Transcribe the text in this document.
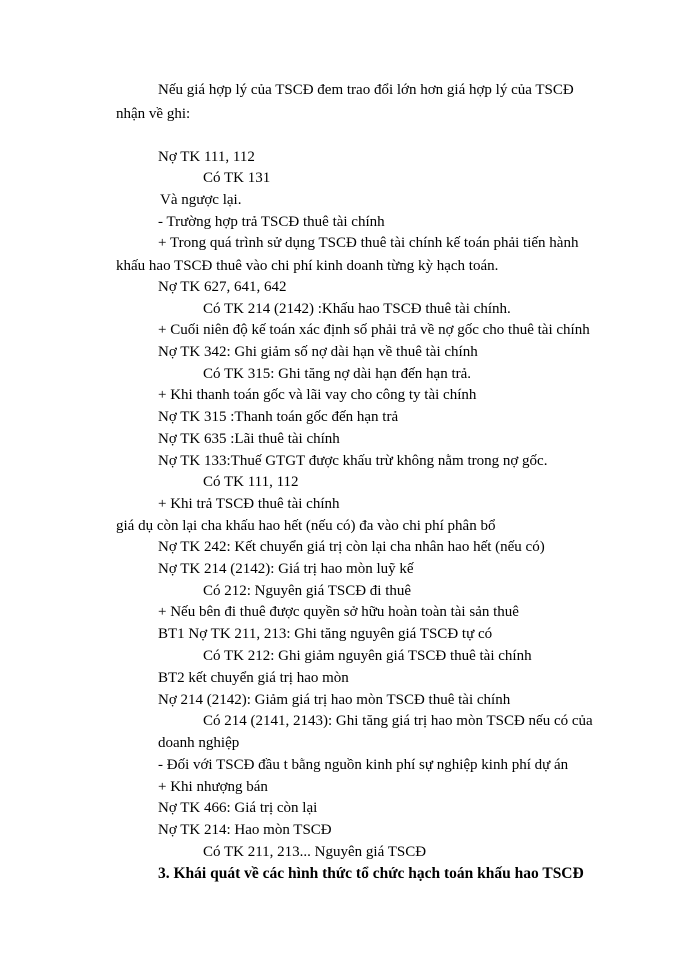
Nếu giá hợp lý của TSCĐ đem trao đổi lớn hơn giá hợp lý của TSCĐ
nhận về ghi:
Nợ TK 111, 112
Có TK 131
Và ngược lại.
- Trường hợp trả TSCĐ thuê tài chính
+ Trong quá trình sử dụng TSCĐ thuê tài chính kế toán phải tiến hành
khấu hao TSCĐ thuê vào chi phí kinh doanh từng kỳ hạch toán.
Nợ TK 627, 641, 642
Có TK 214 (2142) :Khấu hao TSCĐ thuê tài chính.
+ Cuối niên độ kế toán xác định số phải trả về nợ gốc cho thuê tài chính
Nợ TK 342: Ghi giảm số nợ dài hạn về thuê tài chính
Có TK 315: Ghi tăng nợ dài hạn đến hạn trả.
+ Khi thanh toán gốc và lãi vay cho công ty tài chính
Nợ TK 315 :Thanh toán gốc đến hạn trả
Nợ TK 635 :Lãi thuê tài chính
Nợ TK 133:Thuế GTGT được khấu trừ không nằm trong nợ gốc.
Có TK 111, 112
+ Khi trả TSCĐ thuê tài chính
giá dụ còn lại cha khấu hao hết (nếu có) đa vào chi phí phân bổ
Nợ TK 242: Kết chuyển giá trị còn lại cha nhân hao hết (nếu có)
Nợ TK 214 (2142): Giá trị hao mòn luỹ kế
Có 212: Nguyên giá TSCĐ đi thuê
+ Nếu bên đi thuê được quyền sở hữu hoàn toàn tài sản thuê
BT1 Nợ TK 211, 213: Ghi tăng nguyên giá TSCĐ tự có
Có TK 212: Ghi giảm nguyên giá TSCĐ thuê tài chính
BT2 kết chuyển giá trị hao mòn
Nợ 214 (2142): Giảm giá trị hao mòn TSCĐ thuê tài chính
Có 214 (2141, 2143): Ghi tăng giá trị hao mòn TSCĐ nếu có của
doanh nghiệp
- Đối với TSCĐ đầu t bằng nguồn kinh phí sự nghiệp kinh phí dự án
+ Khi nhượng bán
Nợ TK 466: Giá trị còn lại
Nợ TK 214: Hao mòn TSCĐ
Có TK 211, 213... Nguyên giá TSCĐ
3. Khái quát về các hình thức tổ chức hạch toán khấu hao TSCĐ
